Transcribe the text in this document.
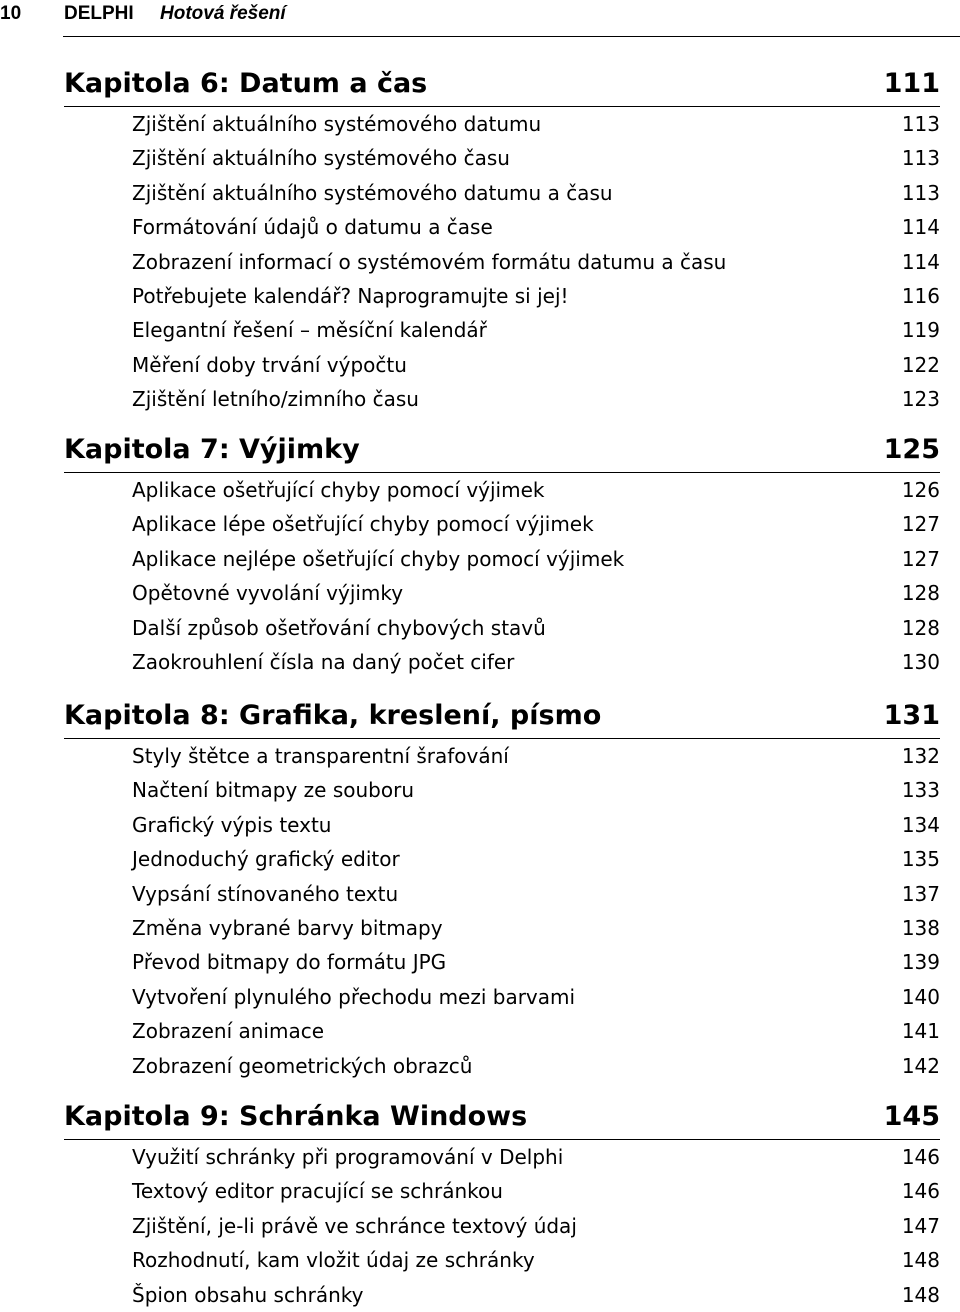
10 DELPHI Hotová řešení
Kapitola 6: Datum a čas	111
Zjištění aktuálního systémového datumu	113
Zjištění aktuálního systémového času	113
Zjištění aktuálního systémového datumu a času	113
Formátování údajů o datumu a čase	114
Zobrazení informací o systémovém formátu datumu a času	114
Potřebujete kalendář? Naprogramujte si jej!	116
Elegantní řešení – měsíční kalendář	119
Měření doby trvání výpočtu	122
Zjištění letního/zimního času	123
Kapitola 7: Výjimky	125
Aplikace ošetřující chyby pomocí výjimek	126
Aplikace lépe ošetřující chyby pomocí výjimek	127
Aplikace nejlépe ošetřující chyby pomocí výjimek	127
Opětovné vyvolání výjimky	128
Další způsob ošetřování chybových stavů	128
Zaokrouhlení čísla na daný počet cifer	130
Kapitola 8: Grafika, kreslení, písmo	131
Styly štětce a transparentní šrafování	132
Načtení bitmapy ze souboru	133
Grafický výpis textu	134
Jednoduchý grafický editor	135
Vypsání stínovaného textu	137
Změna vybrané barvy bitmapy	138
Převod bitmapy do formátu JPG	139
Vytvoření plynulého přechodu mezi barvami	140
Zobrazení animace	141
Zobrazení geometrických obrazců	142
Kapitola 9: Schránka Windows	145
Využití schránky při programování v Delphi	146
Textový editor pracující se schránkou	146
Zjištění, je-li právě ve schránce textový údaj	147
Rozhodnutí, kam vložit údaj ze schránky	148
Špion obsahu schránky	148
